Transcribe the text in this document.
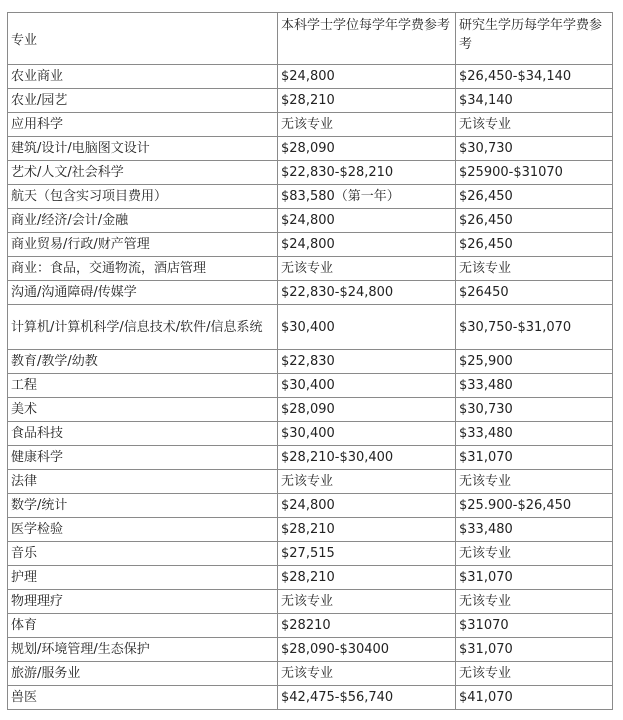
专业	本科学士学位每学年学费参考	研究生学历每学年学费参考
农业商业	$24,800	$26,450-$34,140
农业/园艺	$28,210	$34,140
应用科学	无该专业	无该专业
建筑/设计/电脑图文设计	$28,090	$30,730
艺术/人文/社会科学	$22,830-$28,210	$25900-$31070
航天（包含实习项目费用）	$83,580（第一年）	$26,450
商业/经济/会计/金融	$24,800	$26,450
商业贸易/行政/财产管理	$24,800	$26,450
商业：食品，交通物流，酒店管理	无该专业	无该专业
沟通/沟通障碍/传媒学	$22,830-$24,800	$26450
计算机/计算机科学/信息技术/软件/信息系统	$30,400	$30,750-$31,070
教育/教学/幼教	$22,830	$25,900
工程	$30,400	$33,480
美术	$28,090	$30,730
食品科技	$30,400	$33,480
健康科学	$28,210-$30,400	$31,070
法律	无该专业	无该专业
数学/统计	$24,800	$25.900-$26,450
医学检验	$28,210	$33,480
音乐	$27,515	无该专业
护理	$28,210	$31,070
物理理疗	无该专业	无该专业
体育	$28210	$31070
规划/环境管理/生态保护	$28,090-$30400	$31,070
旅游/服务业	无该专业	无该专业
兽医	$42,475-$56,740	$41,070
